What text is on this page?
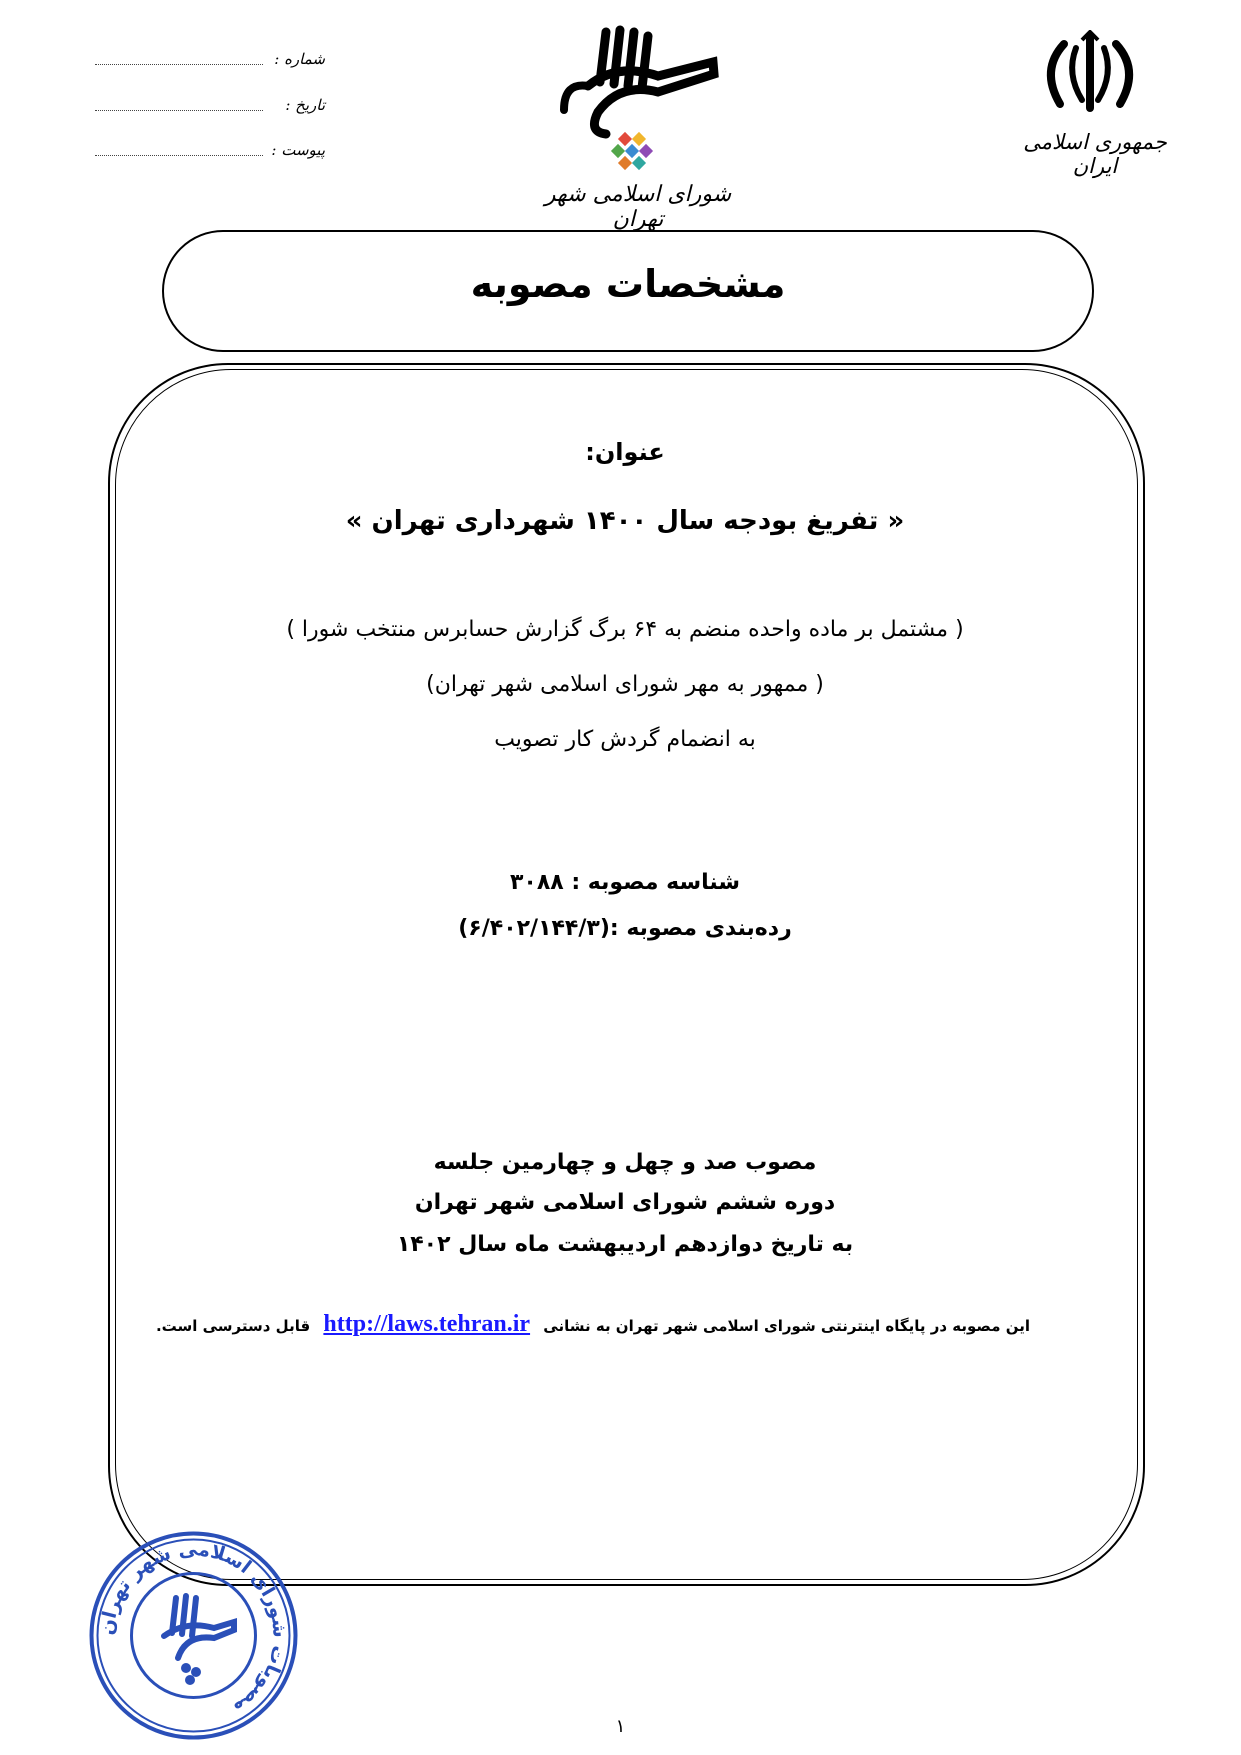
شماره :
تاریخ :
پیوست :
شورای اسلامی شهر تهران
جمهوری اسلامی ایران
مشخصات مصوبه
عنوان:
« تفریغ بودجه سال ۱۴۰۰ شهرداری تهران »
( مشتمل بر ماده واحده منضم به ۶۴ برگ گزارش حسابرس منتخب شورا )
( ممهور به مهر شورای اسلامی شهر تهران)
به انضمام گردش کار تصویب
شناسه مصوبه : ۳۰۸۸
رده‌بندی مصوبه :(۶/۴۰۲/۱۴۴/۳)
مصوب صد و چهل و چهارمین جلسه
دوره ششم شورای اسلامی شهر تهران
به تاریخ دوازدهم اردیبهشت ماه سال ۱۴۰۲
این مصوبه در پایگاه اینترنتی شورای اسلامی شهر تهران به نشانی http://laws.tehran.ir قابل دسترسی است.
مصوبات شورای اسلامی شهر تهران
۱
